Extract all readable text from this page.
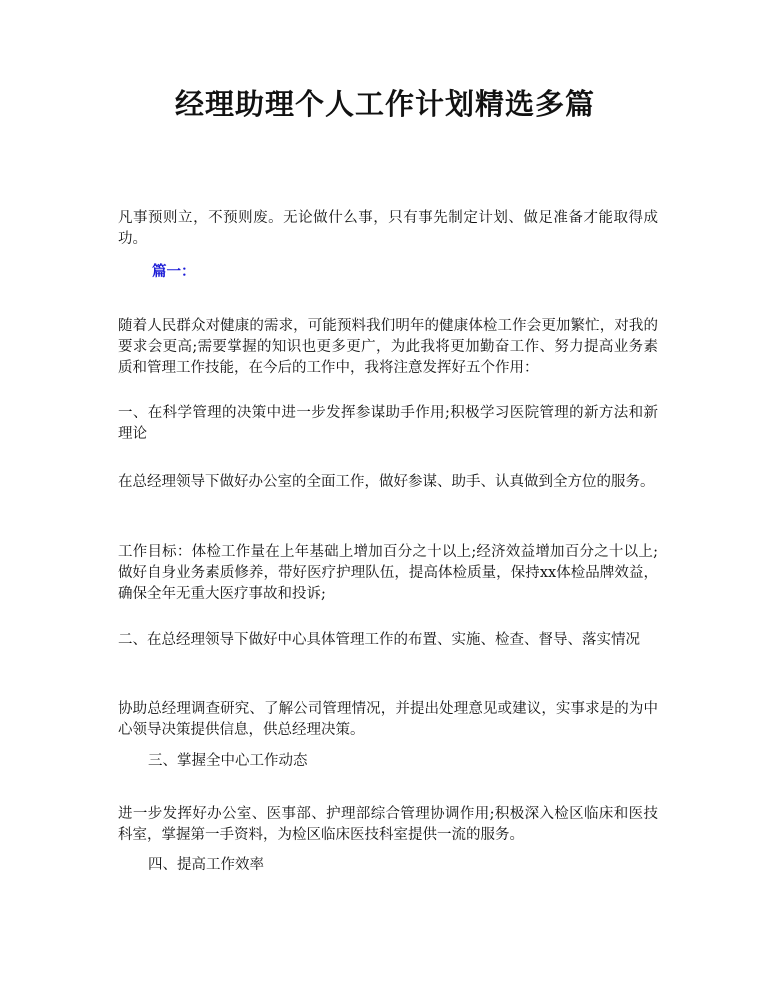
经理助理个人工作计划精选多篇

凡事预则立，不预则废。无论做什么事，只有事先制定计划、做足准备才能取得成功。

篇一：

随着人民群众对健康的需求，可能预料我们明年的健康体检工作会更加繁忙，对我的要求会更高;需要掌握的知识也更多更广，为此我将更加勤奋工作、努力提高业务素质和管理工作技能，在今后的工作中，我将注意发挥好五个作用：

一、在科学管理的决策中进一步发挥参谋助手作用;积极学习医院管理的新方法和新理论

在总经理领导下做好办公室的全面工作，做好参谋、助手、认真做到全方位的服务。

工作目标：体检工作量在上年基础上增加百分之十以上;经济效益增加百分之十以上;做好自身业务素质修养，带好医疗护理队伍，提高体检质量，保持xx体检品牌效益，确保全年无重大医疗事故和投诉;

二、在总经理领导下做好中心具体管理工作的布置、实施、检查、督导、落实情况

协助总经理调查研究、了解公司管理情况，并提出处理意见或建议，实事求是的为中心领导决策提供信息，供总经理决策。

三、掌握全中心工作动态

进一步发挥好办公室、医事部、护理部综合管理协调作用;积极深入检区临床和医技科室，掌握第一手资料，为检区临床医技科室提供一流的服务。

四、提高工作效率
